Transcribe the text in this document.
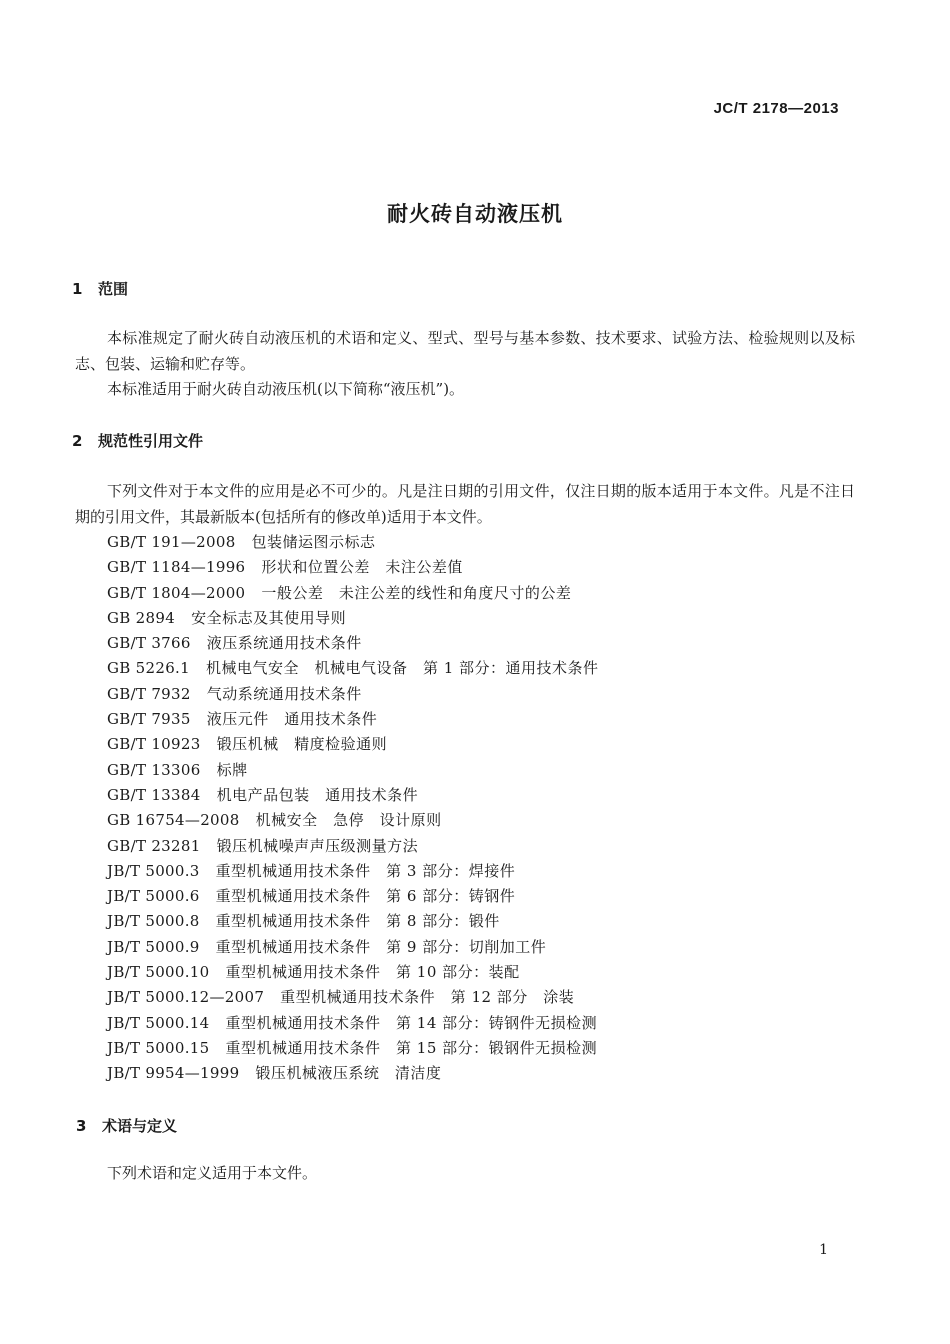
JC/T 2178—2013
耐火砖自动液压机
1 范围
本标准规定了耐火砖自动液压机的术语和定义、型式、型号与基本参数、技术要求、试验方法、检验规则以及标志、包装、运输和贮存等。
本标准适用于耐火砖自动液压机(以下简称“液压机”)。
2 规范性引用文件
下列文件对于本文件的应用是必不可少的。凡是注日期的引用文件，仅注日期的版本适用于本文件。凡是不注日期的引用文件，其最新版本(包括所有的修改单)适用于本文件。
GB/T 191—2008 包装储运图示标志
GB/T 1184—1996 形状和位置公差　未注公差值
GB/T 1804—2000 一般公差　未注公差的线性和角度尺寸的公差
GB 2894 安全标志及其使用导则
GB/T 3766 液压系统通用技术条件
GB 5226.1 机械电气安全　机械电气设备　第 1 部分：通用技术条件
GB/T 7932 气动系统通用技术条件
GB/T 7935 液压元件　通用技术条件
GB/T 10923 锻压机械　精度检验通则
GB/T 13306 标牌
GB/T 13384 机电产品包装　通用技术条件
GB 16754—2008 机械安全　急停　设计原则
GB/T 23281 锻压机械噪声声压级测量方法
JB/T 5000.3 重型机械通用技术条件　第 3 部分：焊接件
JB/T 5000.6 重型机械通用技术条件　第 6 部分：铸钢件
JB/T 5000.8 重型机械通用技术条件　第 8 部分：锻件
JB/T 5000.9 重型机械通用技术条件　第 9 部分：切削加工件
JB/T 5000.10 重型机械通用技术条件　第 10 部分：装配
JB/T 5000.12—2007 重型机械通用技术条件　第 12 部分　涂装
JB/T 5000.14 重型机械通用技术条件　第 14 部分：铸钢件无损检测
JB/T 5000.15 重型机械通用技术条件　第 15 部分：锻钢件无损检测
JB/T 9954—1999 锻压机械液压系统　清洁度
3 术语与定义
下列术语和定义适用于本文件。
1
